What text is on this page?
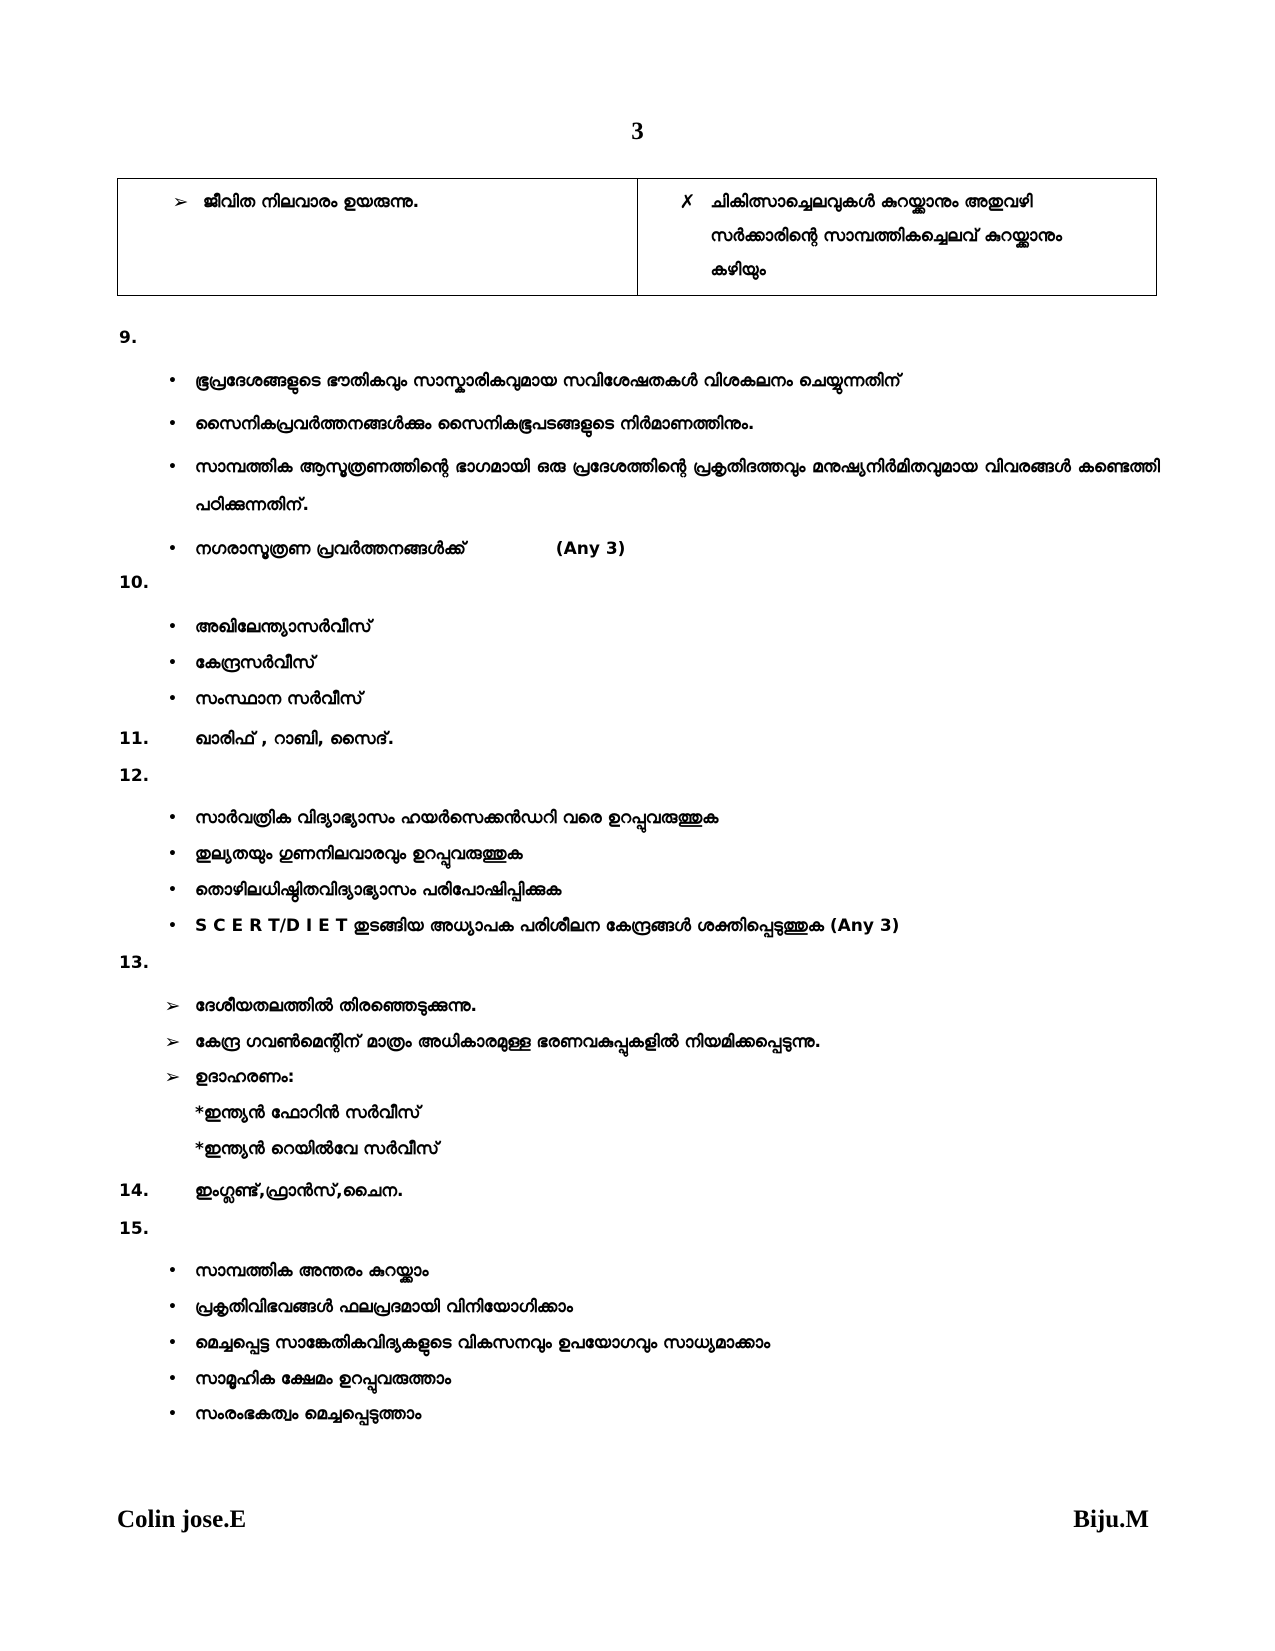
3
➢ ജീവിത നിലവാരം ഉയരുന്നു.	✗ ചികിത്സാച്ചെലവുകൾ കുറയ്ക്കാനും അതുവഴി
സർക്കാരിന്റെ സാമ്പത്തികച്ചെലവ് കുറയ്ക്കാനും
കഴിയും
9.
•	ഭൂപ്രദേശങ്ങളുടെ ഭൗതികവും സാസ്കാരികവുമായ സവിശേഷതകൾ വിശകലനം ചെയ്യുന്നതിന്
•	സൈനികപ്രവർത്തനങ്ങൾക്കും സൈനികഭൂപടങ്ങളുടെ നിർമാണത്തിനും.
•	സാമ്പത്തിക ആസൂത്രണത്തിന്റെ ഭാഗമായി ഒരു പ്രദേശത്തിന്റെ പ്രകൃതിദത്തവും മനുഷ്യനിർമിതവുമായ വിവരങ്ങൾ കണ്ടെത്തി പഠിക്കുന്നതിന്.
•	നഗരാസൂത്രണ പ്രവർത്തനങ്ങൾക്ക്	(Any 3)
10.
•	അഖിലേന്ത്യാസർവീസ്
•	കേന്ദ്രസർവീസ്
•	സംസ്ഥാന സർവീസ്
11.	ഖാരിഫ് , റാബി, സൈദ്.
12.
•	സാർവത്രിക വിദ്യാഭ്യാസം ഹയർസെക്കൻഡറി വരെ ഉറപ്പുവരുത്തുക
•	തുല്യതയും ഗുണനിലവാരവും ഉറപ്പുവരുത്തുക
•	തൊഴിലധിഷ്ഠിതവിദ്യാഭ്യാസം പരിപോഷിപ്പിക്കുക
•	S C E R T/D I E T തുടങ്ങിയ അധ്യാപക പരിശീലന കേന്ദ്രങ്ങൾ ശക്തിപ്പെടുത്തുക (Any 3)
13.
➢ ദേശീയതലത്തിൽ തിരഞ്ഞെടുക്കുന്നു.
➢ കേന്ദ്ര ഗവൺമെന്റിന് മാത്രം അധികാരമുള്ള ഭരണവകുപ്പുകളിൽ നിയമിക്കപ്പെടുന്നു.
➢ ഉദാഹരണം:
*ഇന്ത്യൻ ഫോറിൻ സർവീസ്
*ഇന്ത്യൻ റെയിൽവേ സർവീസ്
14.	ഇംഗ്ലണ്ട്,ഫ്രാൻസ്,ചൈന.
15.
•	സാമ്പത്തിക അന്തരം കുറയ്ക്കാം
•	പ്രകൃതിവിഭവങ്ങൾ ഫലപ്രദമായി വിനിയോഗിക്കാം
•	മെച്ചപ്പെട്ട സാങ്കേതികവിദ്യകളുടെ വികസനവും ഉപയോഗവും സാധ്യമാക്കാം
•	സാമൂഹിക ക്ഷേമം ഉറപ്പുവരുത്താം
•	സംരംഭകത്വം മെച്ചപ്പെടുത്താം
Colin jose.E	Biju.M
